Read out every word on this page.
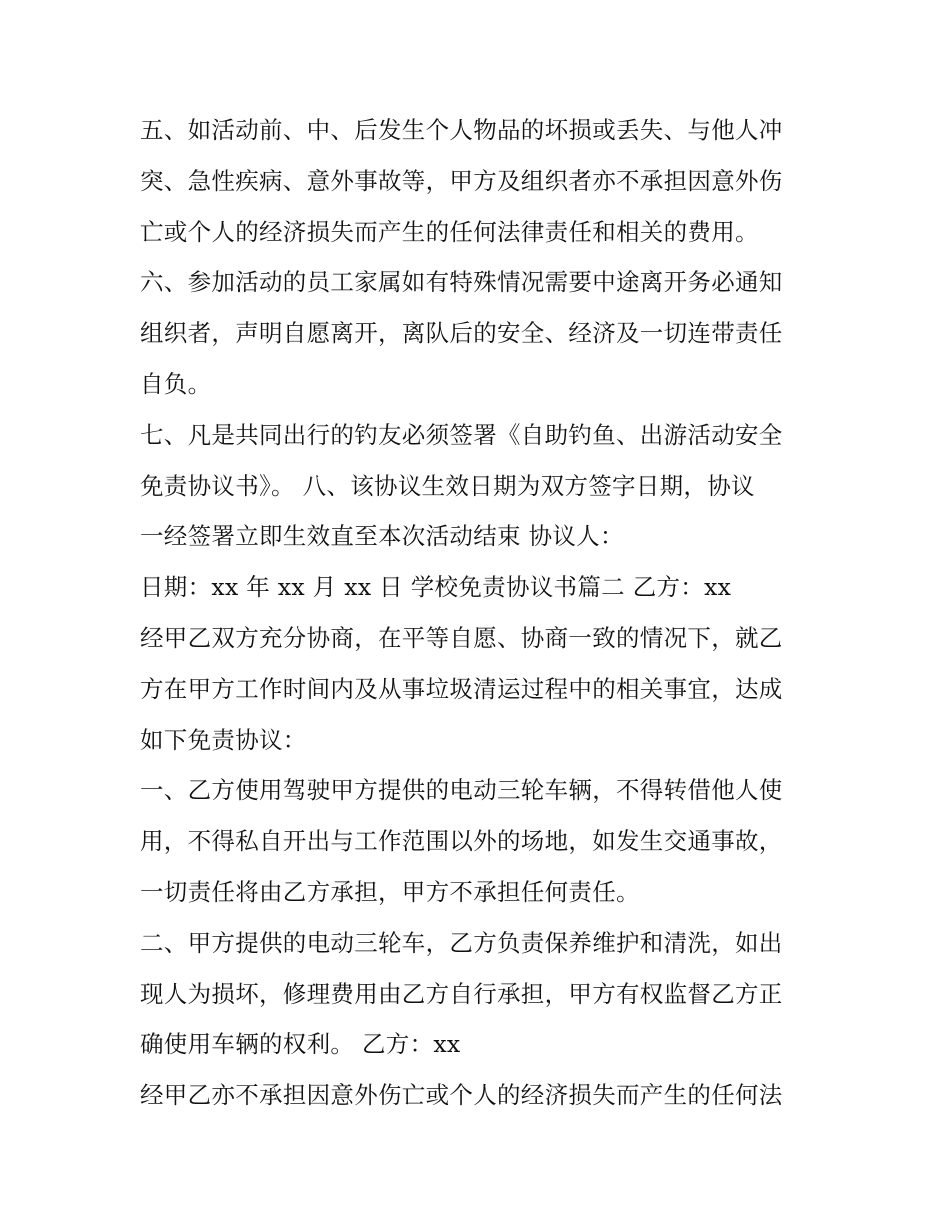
五、如活动前、中、后发生个人物品的坏损或丢失、与他人冲
突、急性疾病、意外事故等，甲方及组织者亦不承担因意外伤
亡或个人的经济损失而产生的任何法律责任和相关的费用。
六、参加活动的员工家属如有特殊情况需要中途离开务必通知
组织者，声明自愿离开，离队后的安全、经济及一切连带责任
自负。
七、凡是共同出行的钓友必须签署《自助钓鱼、出游活动安全
免责协议书》。 八、该协议生效日期为双方签字日期，协议
一经签署立即生效直至本次活动结束 协议人：
日期：xx 年 xx 月 xx 日 学校免责协议书篇二 乙方：xx
经甲乙双方充分协商，在平等自愿、协商一致的情况下，就乙
方在甲方工作时间内及从事垃圾清运过程中的相关事宜，达成
如下免责协议：
一、乙方使用驾驶甲方提供的电动三轮车辆，不得转借他人使
用，不得私自开出与工作范围以外的场地，如发生交通事故，
一切责任将由乙方承担，甲方不承担任何责任。
二、甲方提供的电动三轮车，乙方负责保养维护和清洗，如出
现人为损坏，修理费用由乙方自行承担，甲方有权监督乙方正
确使用车辆的权利。 乙方：xx
经甲乙亦不承担因意外伤亡或个人的经济损失而产生的任何法
